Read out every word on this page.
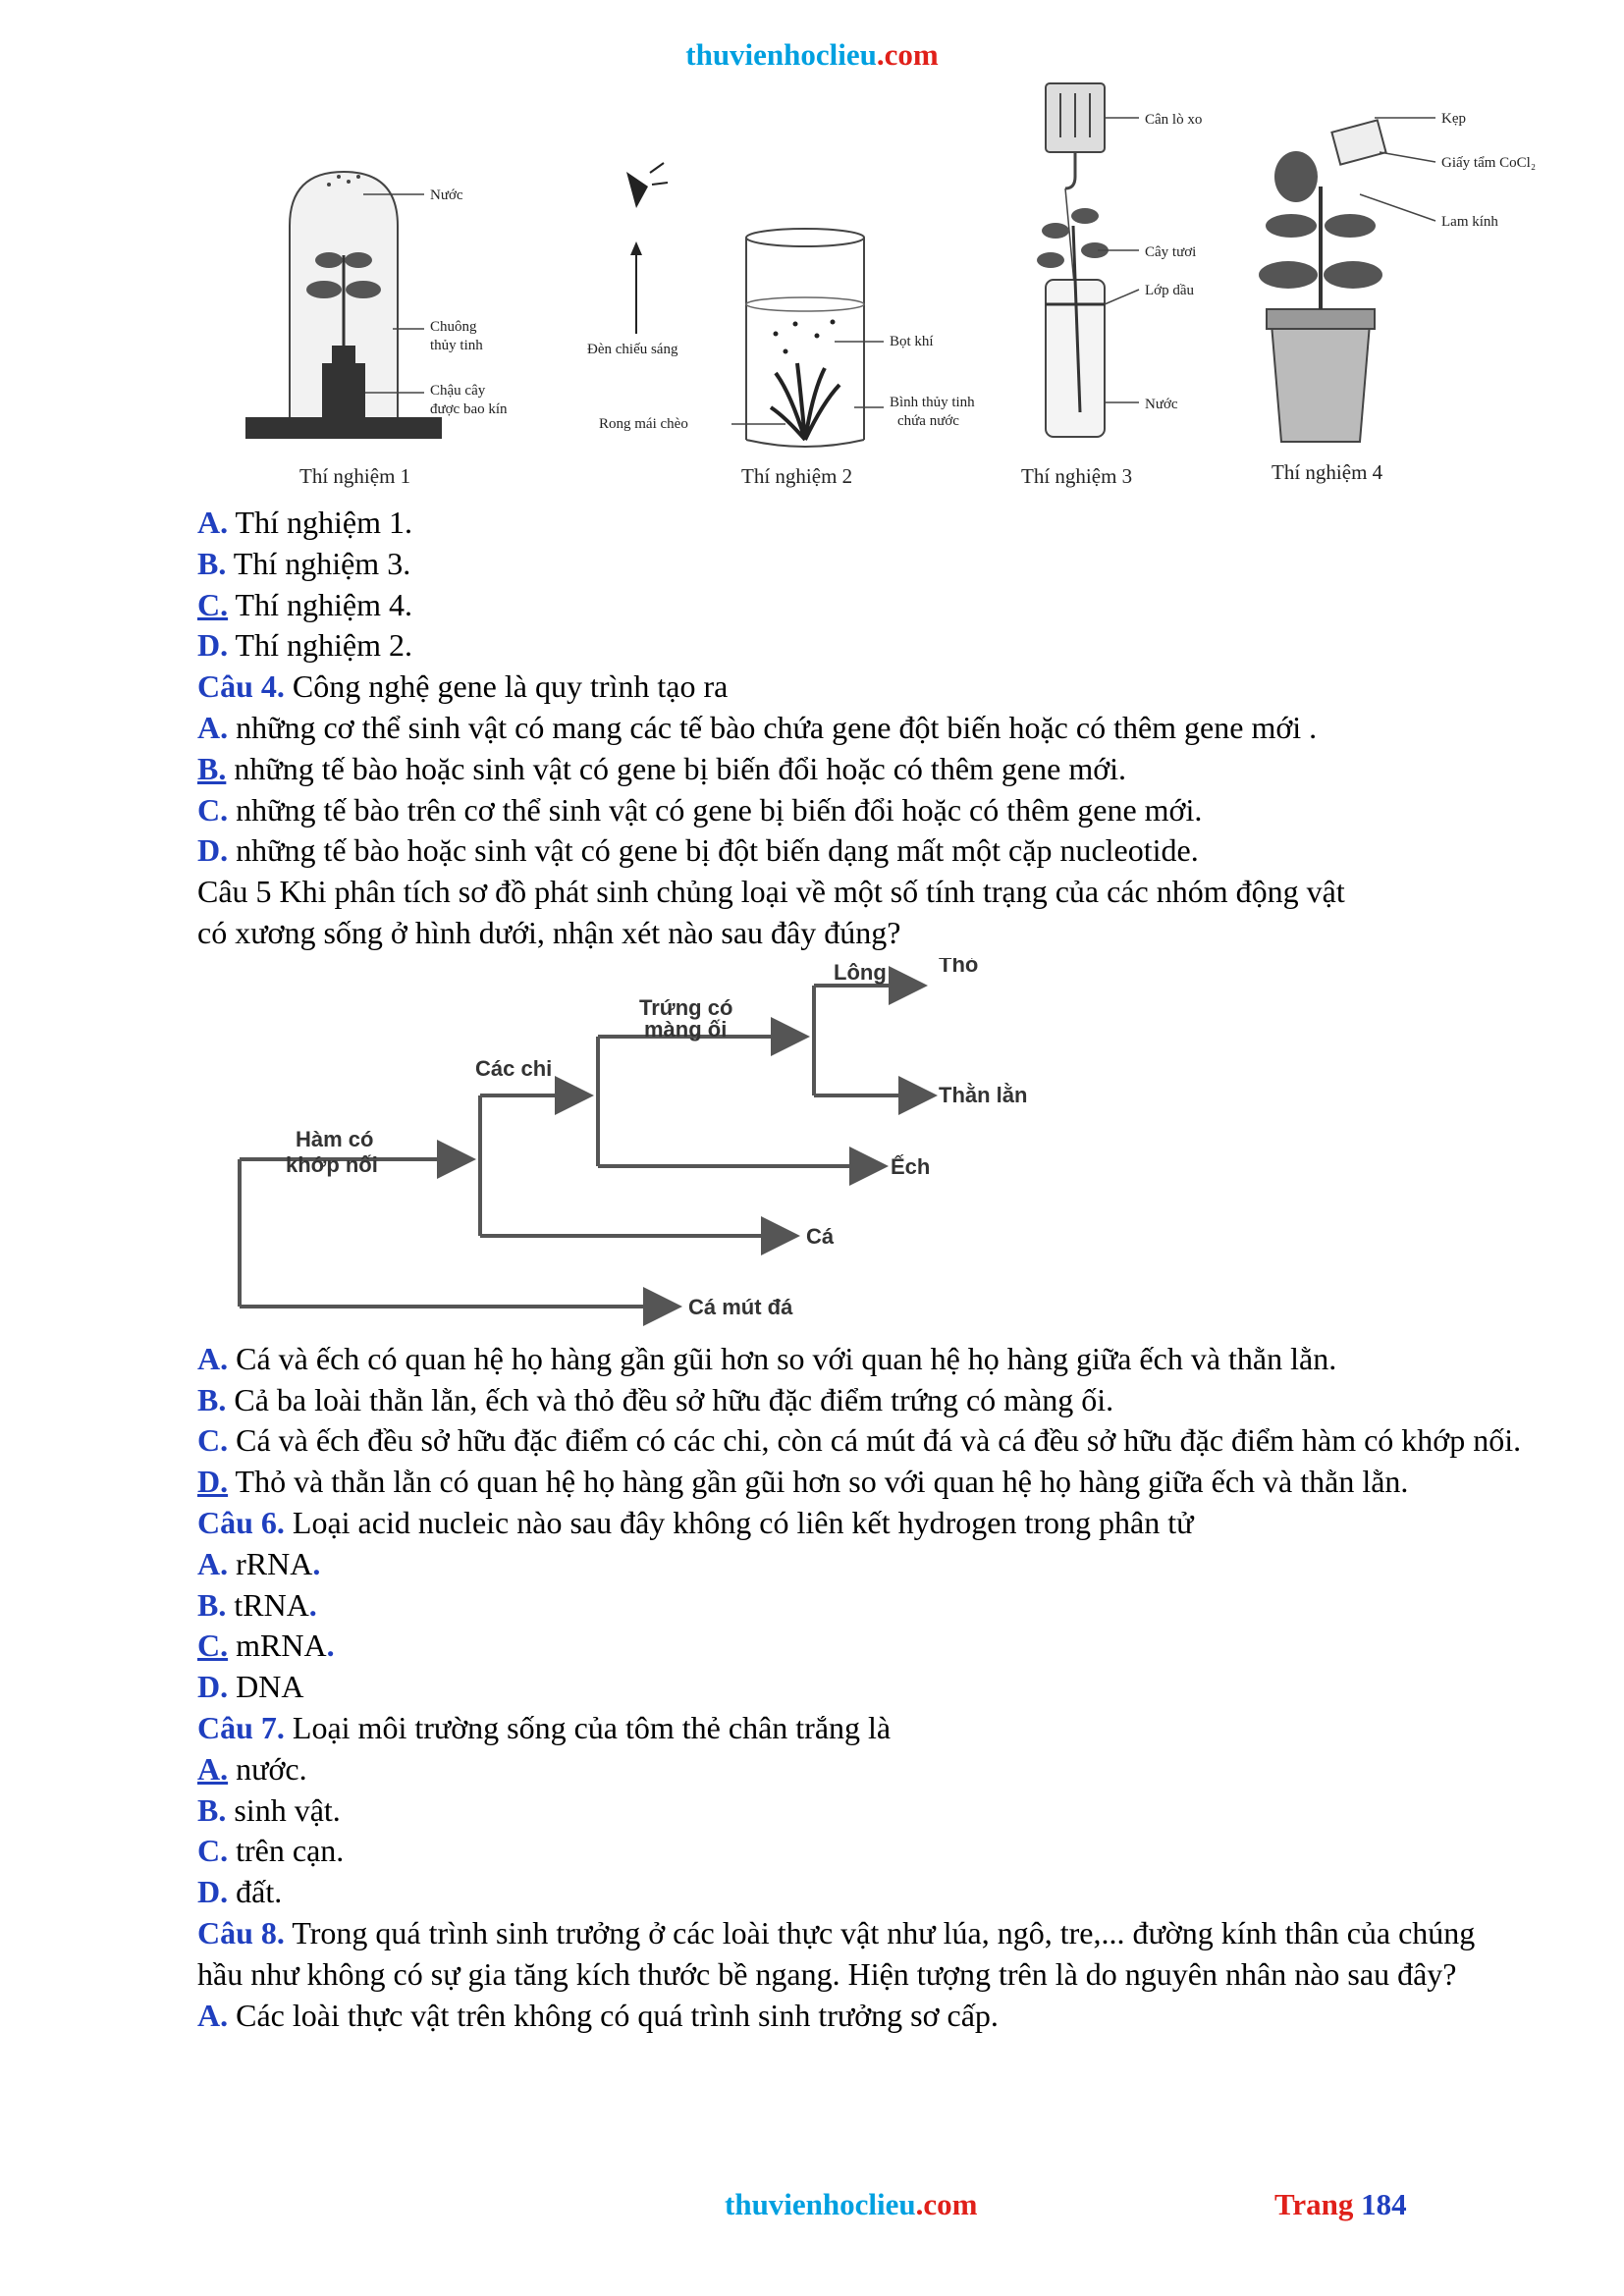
thuvienhoclieu.com
Nước
Chuông
thủy tinh
Chậu cây
được bao kín
Thí nghiệm 1
Đèn chiếu sáng	Bọt khí
Rong mái chèo
Bình thủy tinh
chứa nước
Thí nghiệm 2
Cân lò xo
Cây tươi
Lớp dầu
Nước
Thí nghiệm 3
Kẹp
Giấy tẩm CoCl₂
Lam kính
Thí nghiệm 4
A. Thí nghiệm 1.
B. Thí nghiệm 3.
C. Thí nghiệm 4.
D. Thí nghiệm 2.
Câu 4. Công nghệ gene là quy trình tạo ra
A. những cơ thể sinh vật có mang các tế bào chứa gene đột biến hoặc có thêm gene mới .
B. những tế bào hoặc sinh vật có gene bị biến đổi hoặc có thêm gene mới.
C. những tế bào trên cơ thể sinh vật có gene bị biến đổi hoặc có thêm gene mới.
D. những tế bào hoặc sinh vật có gene bị đột biến dạng mất một cặp nucleotide.
Câu 5 Khi phân tích sơ đồ phát sinh chủng loại về một số tính trạng của các nhóm động vật
có xương sống ở hình dưới, nhận xét nào sau đây đúng?
Hàm có
khớp nối
Các chi
Trứng có
màng ối
Lông Thỏ
Thằn lằn
Ếch
Cá
Cá mút đá
A. Cá và ếch có quan hệ họ hàng gần gũi hơn so với quan hệ họ hàng giữa ếch và thằn lằn.
B. Cả ba loài thằn lằn, ếch và thỏ đều sở hữu đặc điểm trứng có màng ối.
C. Cá và ếch đều sở hữu đặc điểm có các chi, còn cá mút đá và cá đều sở hữu đặc điểm hàm có khớp nối.
D. Thỏ và thằn lằn có quan hệ họ hàng gần gũi hơn so với quan hệ họ hàng giữa ếch và thằn lằn.
Câu 6. Loại acid nucleic nào sau đây không có liên kết hydrogen trong phân tử
A. rRNA.
B. tRNA.
C. mRNA.
D. DNA
Câu 7. Loại môi trường sống của tôm thẻ chân trắng là
A. nước.
B. sinh vật.
C. trên cạn.
D. đất.
Câu 8. Trong quá trình sinh trưởng ở các loài thực vật như lúa, ngô, tre,... đường kính thân của chúng hầu như không có sự gia tăng kích thước bề ngang. Hiện tượng trên là do nguyên nhân nào sau đây?
A. Các loài thực vật trên không có quá trình sinh trưởng sơ cấp.
thuvienhoclieu.com	Trang 184
